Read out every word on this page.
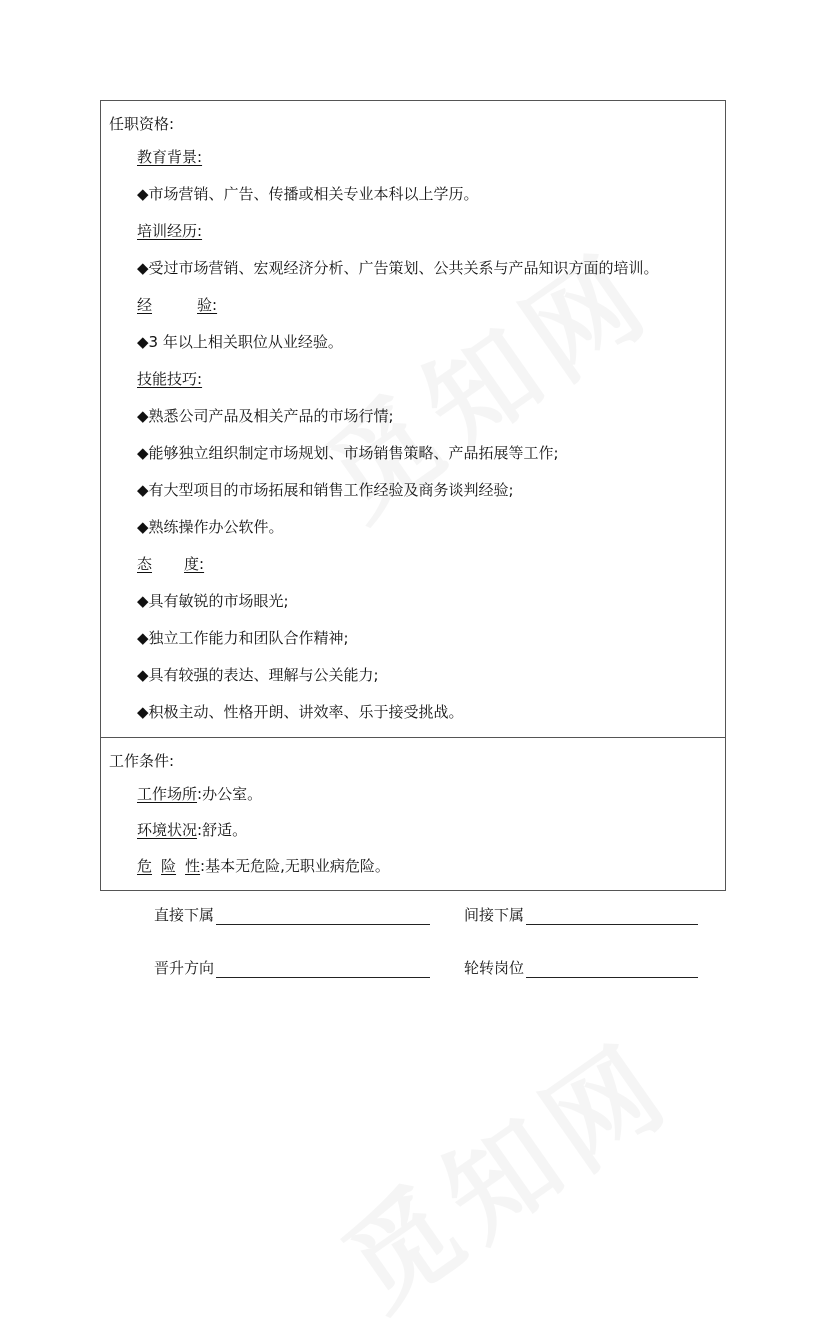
任职资格:
教育背景:
◆市场营销、广告、传播或相关专业本科以上学历。
培训经历:
◆受过市场营销、宏观经济分析、广告策划、公共关系与产品知识方面的培训。
经	验:
◆3 年以上相关职位从业经验。
技能技巧:
◆熟悉公司产品及相关产品的市场行情;
◆能够独立组织制定市场规划、市场销售策略、产品拓展等工作;
◆有大型项目的市场拓展和销售工作经验及商务谈判经验;
◆熟练操作办公软件。
态 度:
◆具有敏锐的市场眼光;
◆独立工作能力和团队合作精神;
◆具有较强的表达、理解与公关能力;
◆积极主动、性格开朗、讲效率、乐于接受挑战。
工作条件:
工作场所:办公室。
环境状况:舒适。
危 险 性:基本无危险,无职业病危险。
直接下属	间接下属
晋升方向	轮转岗位
